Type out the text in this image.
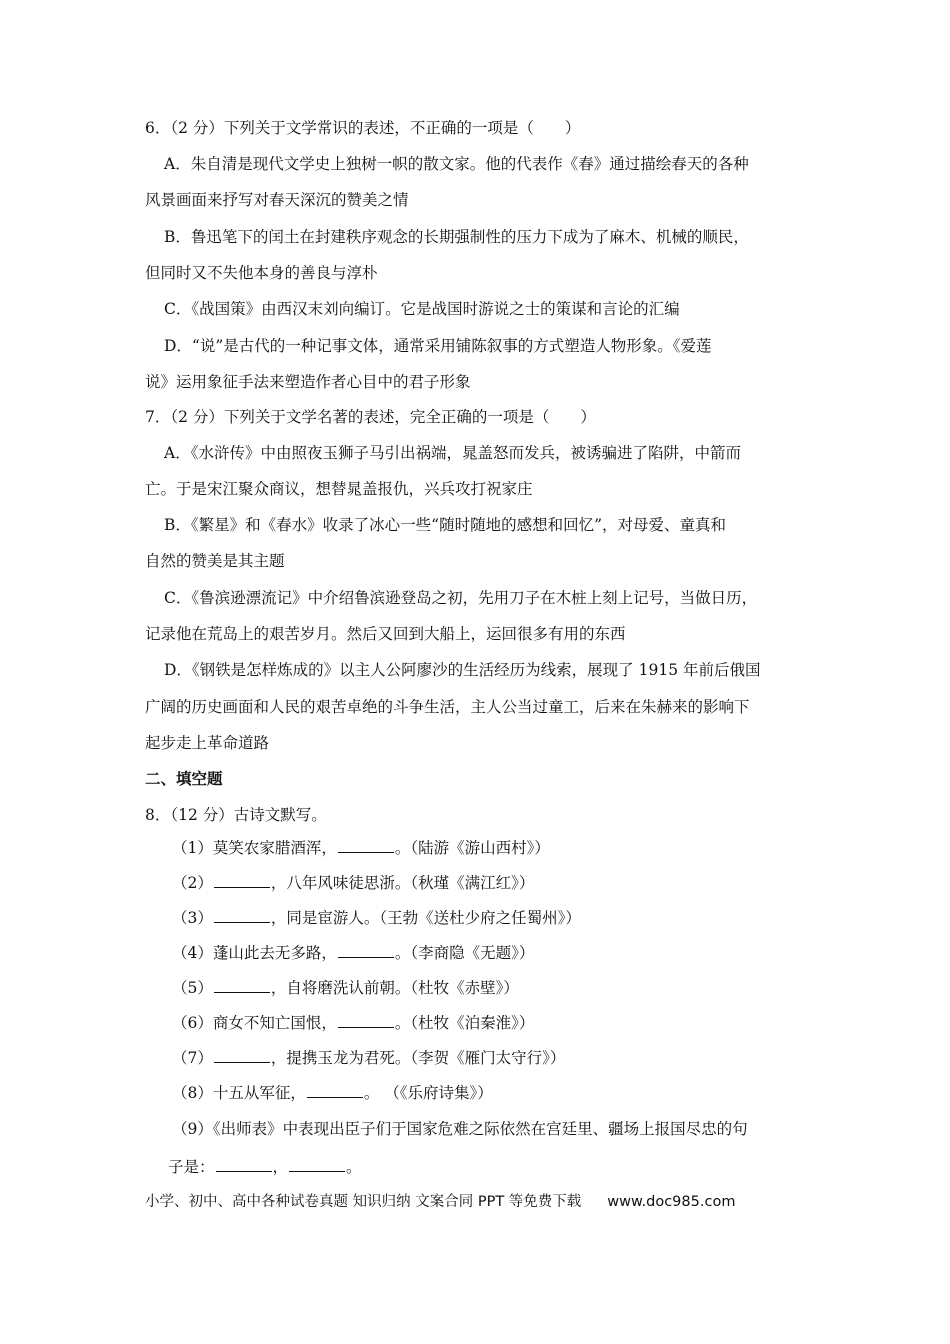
6．（2 分）下列关于文学常识的表述，不正确的一项是（　　）
A．朱自清是现代文学史上独树一帜的散文家。他的代表作《春》通过描绘春天的各种
风景画面来抒写对春天深沉的赞美之情
B．鲁迅笔下的闰土在封建秩序观念的长期强制性的压力下成为了麻木、机械的顺民，
但同时又不失他本身的善良与淳朴
C．《战国策》由西汉末刘向编订。它是战国时游说之士的策谋和言论的汇编
D．“说”是古代的一种记事文体，通常采用铺陈叙事的方式塑造人物形象。《爱莲
说》运用象征手法来塑造作者心目中的君子形象
7．（2 分）下列关于文学名著的表述，完全正确的一项是（　　）
A．《水浒传》中由照夜玉狮子马引出祸端，晁盖怒而发兵，被诱骗进了陷阱，中箭而
亡。于是宋江聚众商议，想替晁盖报仇，兴兵攻打祝家庄
B．《繁星》和《春水》收录了冰心一些“随时随地的感想和回忆”，对母爱、童真和
自然的赞美是其主题
C．《鲁滨逊漂流记》中介绍鲁滨逊登岛之初，先用刀子在木桩上刻上记号，当做日历，
记录他在荒岛上的艰苦岁月。然后又回到大船上，运回很多有用的东西
D．《钢铁是怎样炼成的》以主人公阿廖沙的生活经历为线索，展现了 1915 年前后俄国
广阔的历史画面和人民的艰苦卓绝的斗争生活，主人公当过童工，后来在朱赫来的影响下
起步走上革命道路
二、填空题
8．（12 分）古诗文默写。
（1）莫笑农家腊酒浑，	。（陆游《游山西村》）
（2）	，八年风味徒思浙。（秋瑾《满江红》）
（3）	，同是宦游人。（王勃《送杜少府之任蜀州》）
（4）蓬山此去无多路，	。（李商隐《无题》）
（5）	，自将磨洗认前朝。（杜牧《赤壁》）
（6）商女不知亡国恨，	。（杜牧《泊秦淮》）
（7）	，提携玉龙为君死。（李贺《雁门太守行》）
（8）十五从军征，	。 （《乐府诗集》）
（9）《出师表》中表现出臣子们于国家危难之际依然在宫廷里、疆场上报国尽忠的句
子是：	，	。
小学、初中、高中各种试卷真题 知识归纳 文案合同 PPT 等免费下载 www.doc985.com
